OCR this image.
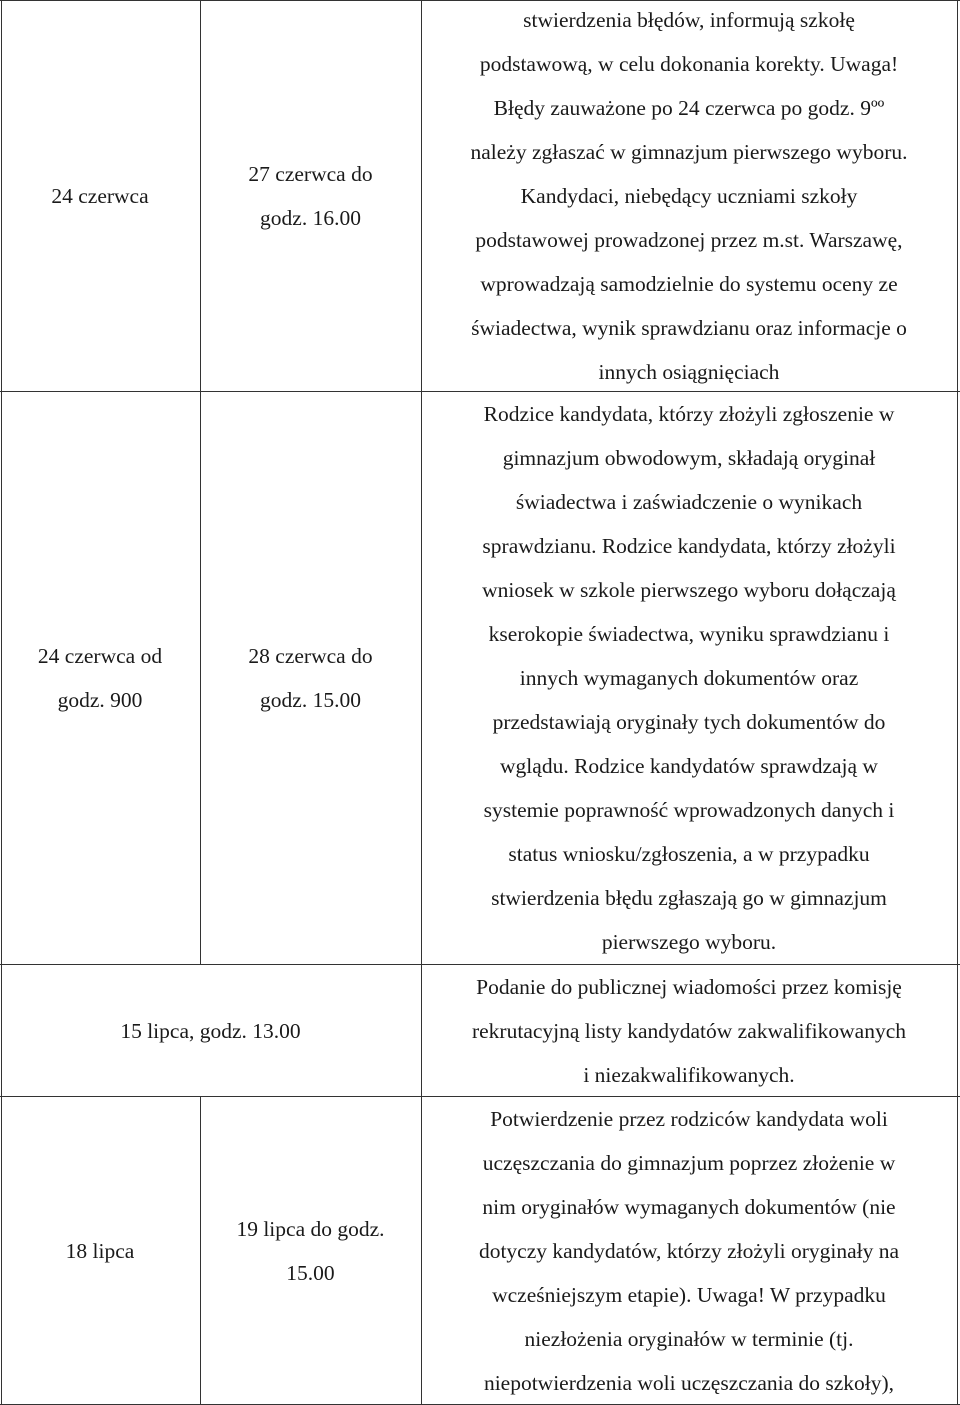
24 czerwca
27 czerwca do
godz. 16.00
stwierdzenia błędów, informują szkołę
podstawową, w celu dokonania korekty. Uwaga!
Błędy zauważone po 24 czerwca po godz. 9ºº
należy zgłaszać w gimnazjum pierwszego wyboru.
Kandydaci, niebędący uczniami szkoły
podstawowej prowadzonej przez m.st. Warszawę,
wprowadzają samodzielnie do systemu oceny ze
świadectwa, wynik sprawdzianu oraz informacje o
innych osiągnięciach
24 czerwca od
godz. 900
28 czerwca do
godz. 15.00
Rodzice kandydata, którzy złożyli zgłoszenie w
gimnazjum obwodowym, składają oryginał
świadectwa i zaświadczenie o wynikach
sprawdzianu. Rodzice kandydata, którzy złożyli
wniosek w szkole pierwszego wyboru dołączają
kserokopie świadectwa, wyniku sprawdzianu i
innych wymaganych dokumentów oraz
przedstawiają oryginały tych dokumentów do
wglądu. Rodzice kandydatów sprawdzają w
systemie poprawność wprowadzonych danych i
status wniosku/zgłoszenia, a w przypadku
stwierdzenia błędu zgłaszają go w gimnazjum
pierwszego wyboru.
15 lipca, godz. 13.00
Podanie do publicznej wiadomości przez komisję
rekrutacyjną listy kandydatów zakwalifikowanych
i niezakwalifikowanych.
18 lipca
19 lipca do godz.
15.00
Potwierdzenie przez rodziców kandydata woli
uczęszczania do gimnazjum poprzez złożenie w
nim oryginałów wymaganych dokumentów (nie
dotyczy kandydatów, którzy złożyli oryginały na
wcześniejszym etapie). Uwaga! W przypadku
niezłożenia oryginałów w terminie (tj.
niepotwierdzenia woli uczęszczania do szkoły),
